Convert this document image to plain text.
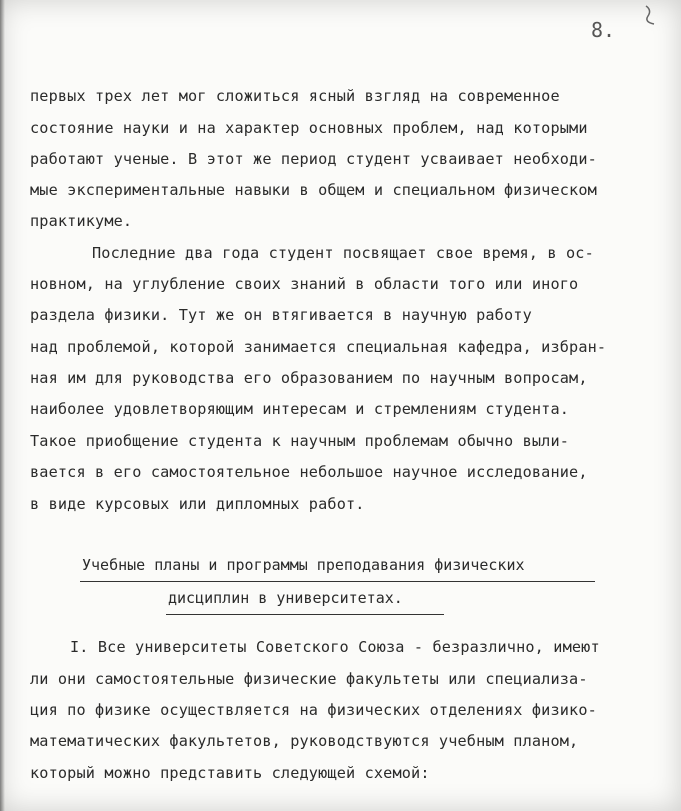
8.
первых трех лет мог сложиться ясный взгляд на современное
состояние науки и на характер основных проблем, над которыми
работают ученые. В этот же период студент усваивает необходи-
мые экспериментальные навыки в общем и специальном физическом
практикуме.
Последние два года студент посвящает свое время, в ос-
новном, на углубление своих знаний в области того или иного
раздела физики. Тут же он втягивается в научную работу
над проблемой, которой занимается специальная кафедра, избран-
ная им для руководства его образованием по научным вопросам,
наиболее удовлетворяющим интересам и стремлениям студента.
Такое приобщение студента к научным проблемам обычно выли-
вается в его самостоятельное небольшое научное исследование,
в виде курсовых или дипломных работ.
Учебные планы и программы преподавания физических
дисциплин в университетах.
I. Все университеты Советского Союза - безразлично, имеют
ли они самостоятельные физические факультеты или специализа-
ция по физике осуществляется на физических отделениях физико-
математических факультетов, руководствуются учебным планом,
который можно представить следующей схемой:
